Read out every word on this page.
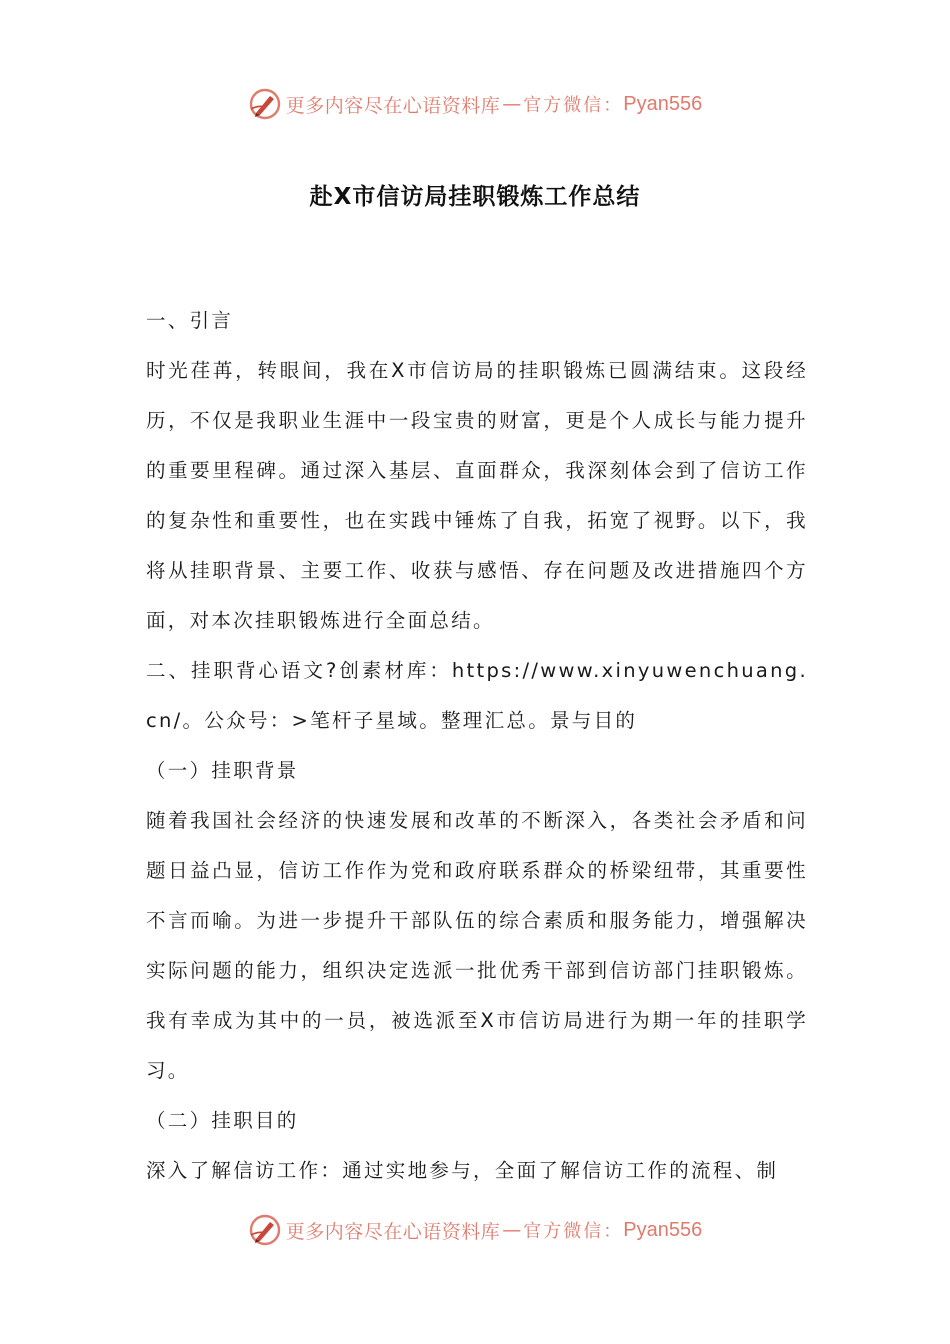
更多内容尽在心语资料库 — 官方微信： Pyan556
赴X市信访局挂职锻炼工作总结

一、引言

时光荏苒，转眼间，我在X市信访局的挂职锻炼已圆满结束。这段经历，不仅是我职业生涯中一段宝贵的财富，更是个人成长与能力提升的重要里程碑。通过深入基层、直面群众，我深刻体会到了信访工作的复杂性和重要性，也在实践中锤炼了自我，拓宽了视野。以下，我将从挂职背景、主要工作、收获与感悟、存在问题及改进措施四个方面，对本次挂职锻炼进行全面总结。

二、挂职背心语文?创素材库：https://www.xinyuwenchuang.cn/。公众号：>笔杆子星域。整理汇总。景与目的

（一）挂职背景

随着我国社会经济的快速发展和改革的不断深入，各类社会矛盾和问题日益凸显，信访工作作为党和政府联系群众的桥梁纽带，其重要性不言而喻。为进一步提升干部队伍的综合素质和服务能力，增强解决实际问题的能力，组织决定选派一批优秀干部到信访部门挂职锻炼。我有幸成为其中的一员，被选派至X市信访局进行为期一年的挂职学习。

（二）挂职目的

深入了解信访工作：通过实地参与，全面了解信访工作的流程、制

更多内容尽在心语资料库 — 官方微信： Pyan556
